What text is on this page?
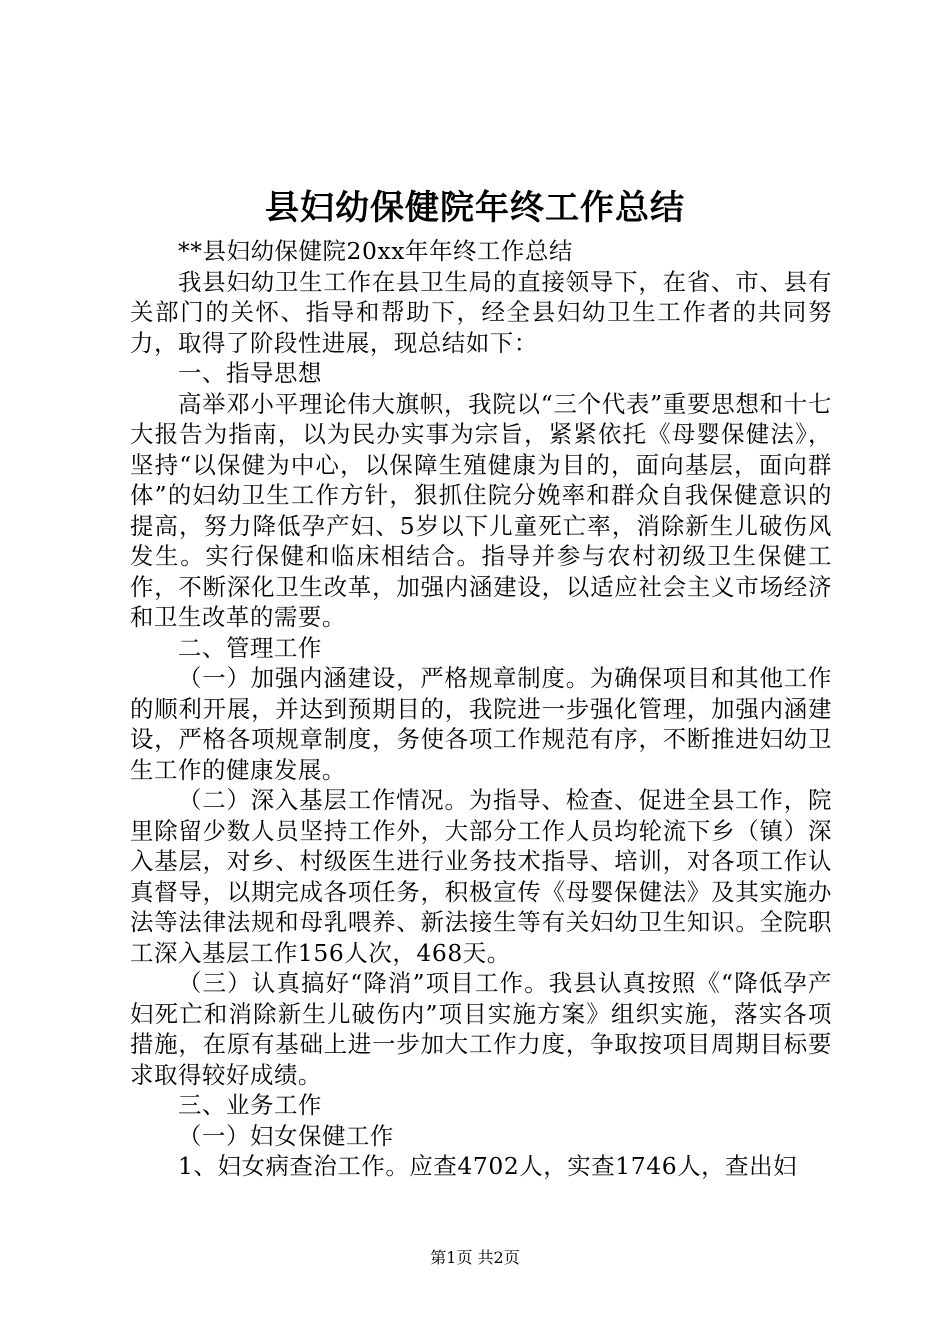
县妇幼保健院年终工作总结

**县妇幼保健院20xx年年终工作总结

我县妇幼卫生工作在县卫生局的直接领导下，在省、市、县有关部门的关怀、指导和帮助下，经全县妇幼卫生工作者的共同努力，取得了阶段性进展，现总结如下：

一、指导思想

高举邓小平理论伟大旗帜，我院以“三个代表”重要思想和十七大报告为指南，以为民办实事为宗旨，紧紧依托《母婴保健法》，坚持“以保健为中心，以保障生殖健康为目的，面向基层，面向群体”的妇幼卫生工作方针，狠抓住院分娩率和群众自我保健意识的提高，努力降低孕产妇、5岁以下儿童死亡率，消除新生儿破伤风发生。实行保健和临床相结合。指导并参与农村初级卫生保健工作，不断深化卫生改革，加强内涵建设，以适应社会主义市场经济和卫生改革的需要。

二、管理工作

（一）加强内涵建设，严格规章制度。为确保项目和其他工作的顺利开展，并达到预期目的，我院进一步强化管理，加强内涵建设，严格各项规章制度，务使各项工作规范有序，不断推进妇幼卫生工作的健康发展。

（二）深入基层工作情况。为指导、检查、促进全县工作，院里除留少数人员坚持工作外，大部分工作人员均轮流下乡（镇）深入基层，对乡、村级医生进行业务技术指导、培训，对各项工作认真督导，以期完成各项任务，积极宣传《母婴保健法》及其实施办法等法律法规和母乳喂养、新法接生等有关妇幼卫生知识。全院职工深入基层工作156人次，468天。

（三）认真搞好“降消”项目工作。我县认真按照《“降低孕产妇死亡和消除新生儿破伤内”项目实施方案》组织实施，落实各项措施，在原有基础上进一步加大工作力度，争取按项目周期目标要求取得较好成绩。

三、业务工作

（一）妇女保健工作

1、妇女病查治工作。应查4702人，实查1746人，查出妇

第1页 共2页
